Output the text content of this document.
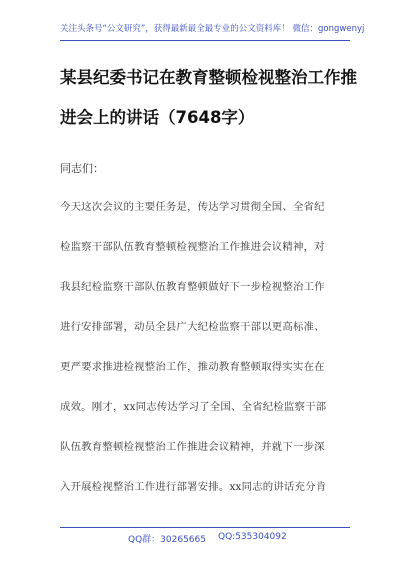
关注头条号“公文研究”，获得最新最全最专业的公文资料库！ 微信：gongwenyj
某县纪委书记在教育整顿检视整治工作推
进会上的讲话（7648字）
同志们：
今天这次会议的主要任务是，传达学习贯彻全国、全省纪
检监察干部队伍教育整顿检视整治工作推进会议精神，对
我县纪检监察干部队伍教育整顿做好下一步检视整治工作
进行安排部署，动员全县广大纪检监察干部以更高标准、
更严要求推进检视整治工作，推动教育整顿取得实实在在
成效。刚才，xx同志传达学习了全国、全省纪检监察干部
队伍教育整顿检视整治工作推进会议精神，并就下一步深
入开展检视整治工作进行部署安排。xx同志的讲话充分肯
QQ群：30265665 QQ:535304092
